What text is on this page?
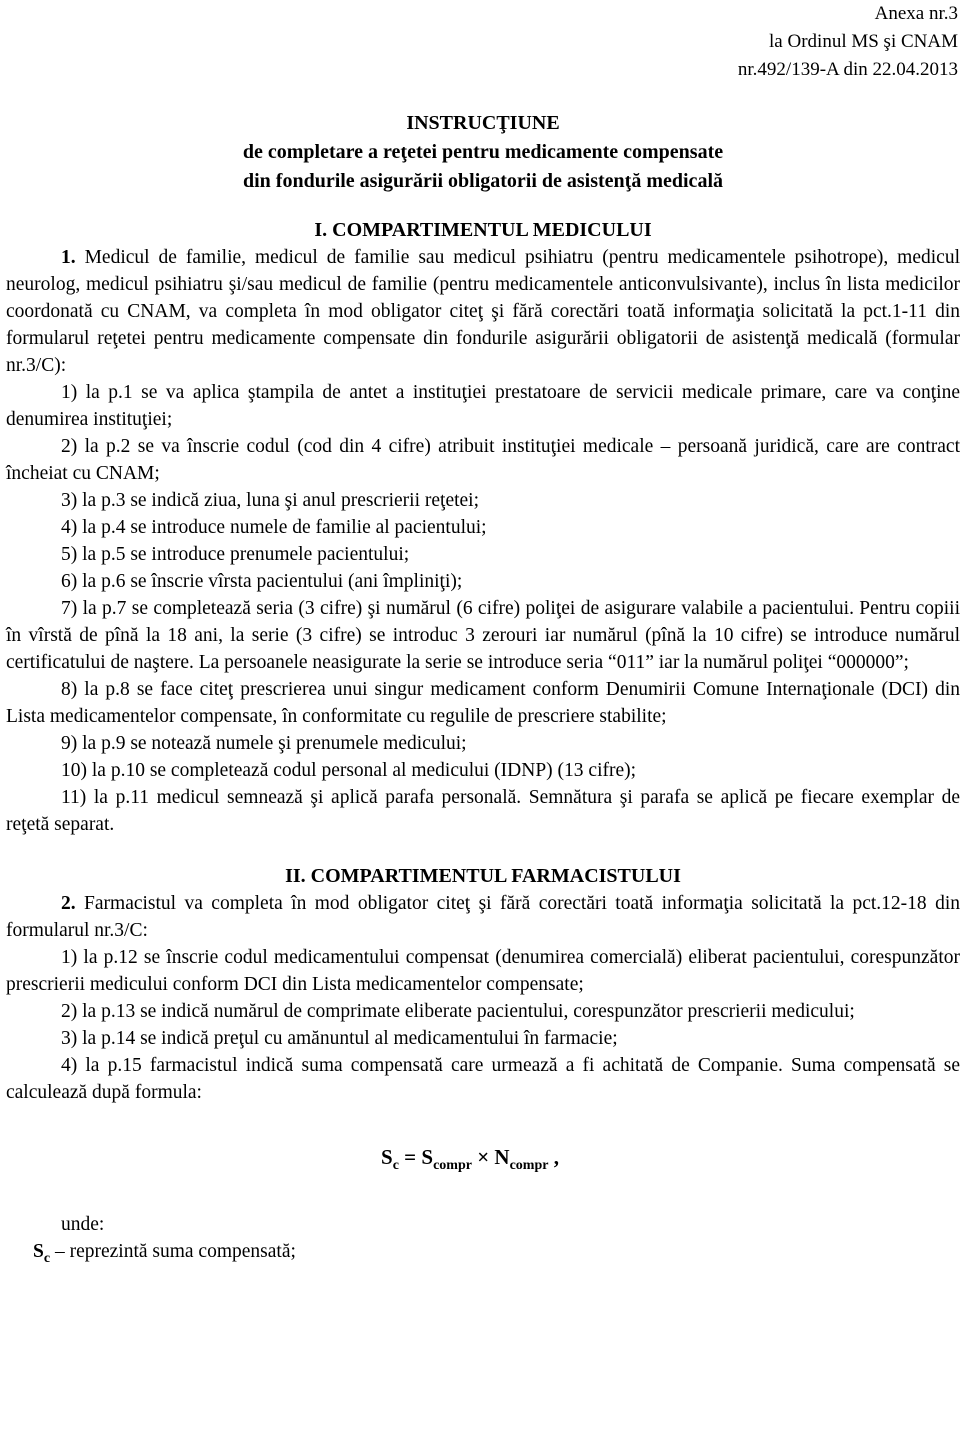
Anexa nr.3
la Ordinul MS şi CNAM
nr.492/139-A din 22.04.2013
INSTRUCŢIUNE
de completare a reţetei pentru medicamente compensate
din fondurile asigurării obligatorii de asistenţă medicală
I. COMPARTIMENTUL MEDICULUI

1. Medicul de familie, medicul de familie sau medicul psihiatru (pentru medicamentele psihotrope), medicul neurolog, medicul psihiatru şi/sau medicul de familie (pentru medicamentele anticonvulsivante), inclus în lista medicilor coordonată cu CNAM, va completa în mod obligator citeţ şi fără corectări toată informaţia solicitată la pct.1-11 din formularul reţetei pentru medicamente compensate din fondurile asigurării obligatorii de asistenţă medicală (formular nr.3/C):

1) la p.1 se va aplica ştampila de antet a instituţiei prestatoare de servicii medicale primare, care va conţine denumirea instituţiei;

2) la p.2 se va înscrie codul (cod din 4 cifre) atribuit instituţiei medicale – persoană juridică, care are contract încheiat cu CNAM;

3) la p.3 se indică ziua, luna şi anul prescrierii reţetei;

4) la p.4 se introduce numele de familie al pacientului;

5) la p.5 se introduce prenumele pacientului;

6) la p.6 se înscrie vîrsta pacientului (ani împliniţi);

7) la p.7 se completează seria (3 cifre) şi numărul (6 cifre) poliţei de asigurare valabile a pacientului. Pentru copiii în vîrstă de pînă la 18 ani, la serie (3 cifre) se introduc 3 zerouri iar numărul (pînă la 10 cifre) se introduce numărul certificatului de naştere. La persoanele neasigurate la serie se introduce seria “011” iar la numărul poliţei “000000”;

8) la p.8 se face citeţ prescrierea unui singur medicament conform Denumirii Comune Internaţionale (DCI) din Lista medicamentelor compensate, în conformitate cu regulile de prescriere stabilite;

9) la p.9 se notează numele şi prenumele medicului;

10) la p.10 se completează codul personal al medicului (IDNP) (13 cifre);

11) la p.11 medicul semnează şi aplică parafa personală. Semnătura şi parafa se aplică pe fiecare exemplar de reţetă separat.

II. COMPARTIMENTUL FARMACISTULUI

2. Farmacistul va completa în mod obligator citeţ şi fără corectări toată informaţia solicitată la pct.12-18 din formularul nr.3/C:

1) la p.12 se înscrie codul medicamentului compensat (denumirea comercială) eliberat pacientului, corespunzător prescrierii medicului conform DCI din Lista medicamentelor compensate;

2) la p.13 se indică numărul de comprimate eliberate pacientului, corespunzător prescrierii medicului;

3) la p.14 se indică preţul cu amănuntul al medicamentului în farmacie;

4) la p.15 farmacistul indică suma compensată care urmează a fi achitată de Companie. Suma compensată se calculează după formula:

$S_c = S_{compr} \times N_{compr}$ ,
unde:
$S_c$ – reprezintă suma compensată;
